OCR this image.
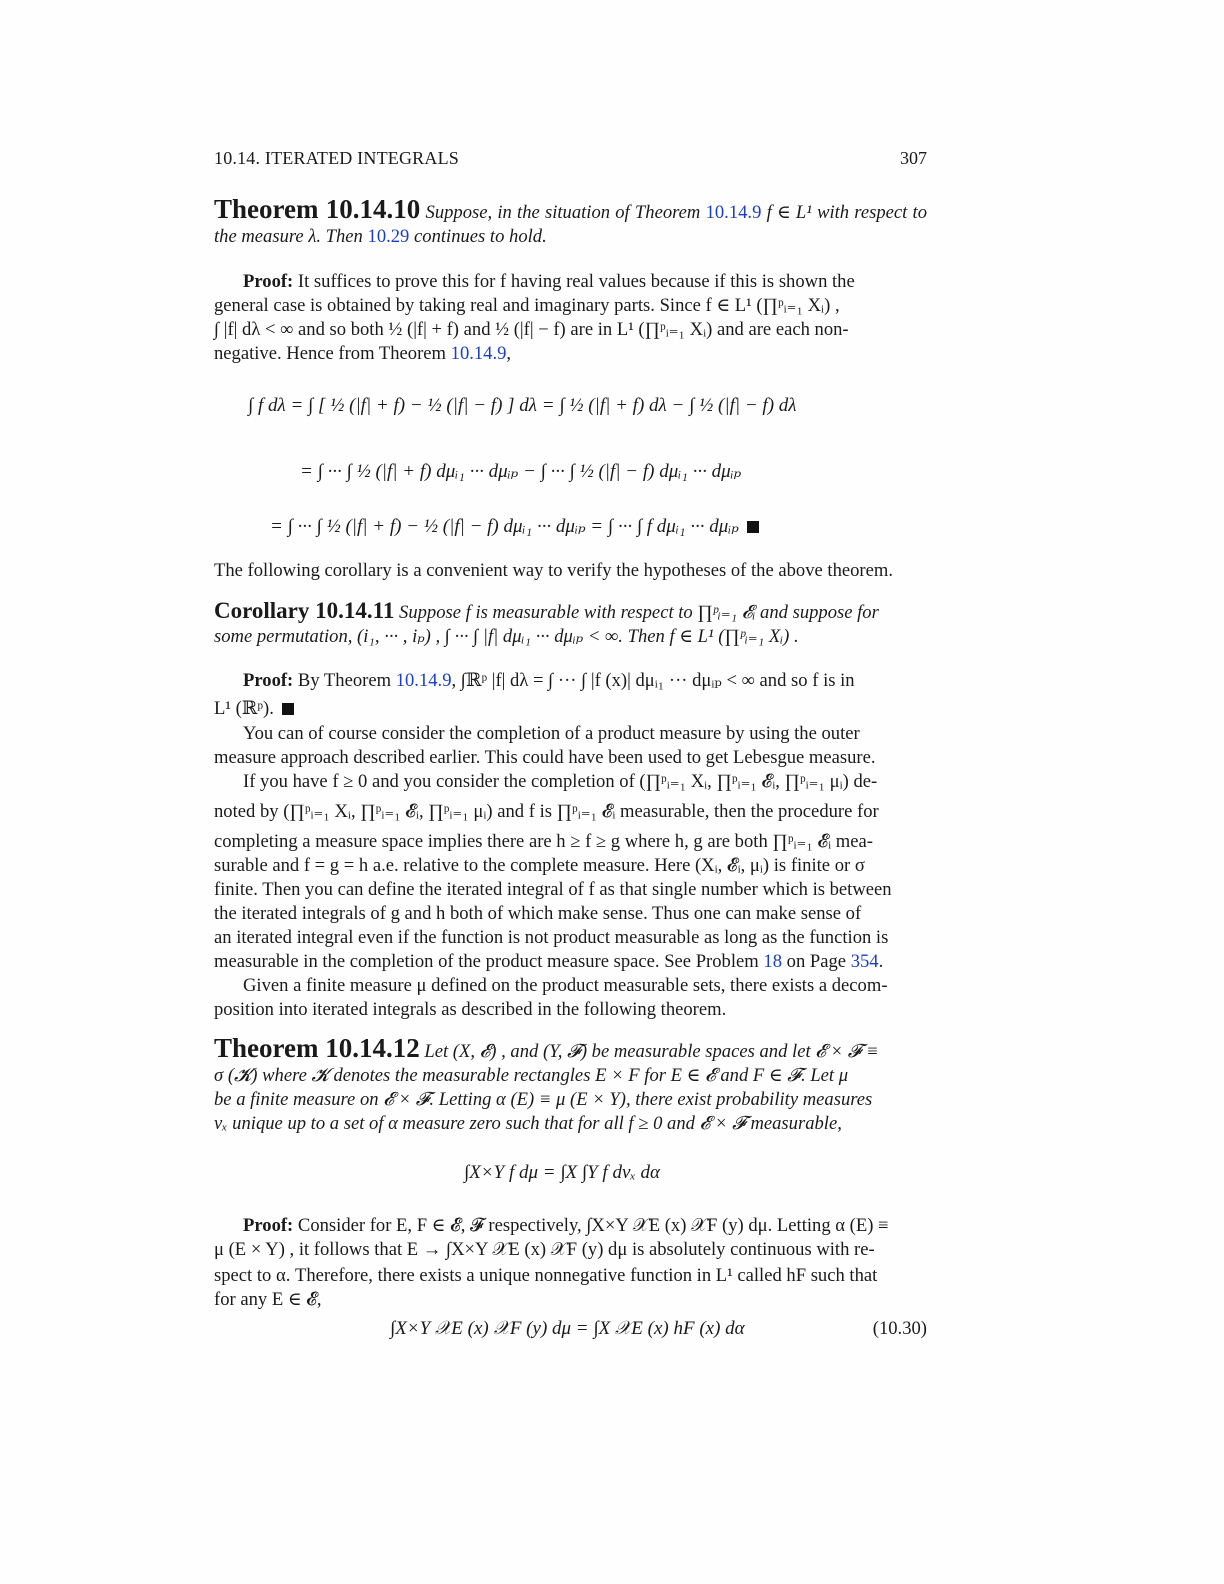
10.14. ITERATED INTEGRALS	307
Theorem 10.14.10 Suppose, in the situation of Theorem 10.14.9 f ∈ L¹ with respect to the measure λ. Then 10.29 continues to hold.
Proof: It suffices to prove this for f having real values because if this is shown the
general case is obtained by taking real and imaginary parts. Since f ∈ L¹ (∏ᵖᵢ₌₁ Xᵢ) ,
∫ |f| dλ < ∞ and so both ½ (|f| + f) and ½ (|f| − f) are in L¹ (∏ᵖᵢ₌₁ Xᵢ) and are each non-
negative. Hence from Theorem 10.14.9,
∫ f dλ = ∫ [ ½ (|f| + f) − ½ (|f| − f) ] dλ = ∫ ½ (|f| + f) dλ − ∫ ½ (|f| − f) dλ
= ∫ ··· ∫ ½ (|f| + f) dμᵢ₁ ··· dμᵢₚ − ∫ ··· ∫ ½ (|f| − f) dμᵢ₁ ··· dμᵢₚ
= ∫ ··· ∫ ½ (|f| + f) − ½ (|f| − f) dμᵢ₁ ··· dμᵢₚ = ∫ ··· ∫ f dμᵢ₁ ··· dμᵢₚ
The following corollary is a convenient way to verify the hypotheses of the above theorem.
Corollary 10.14.11 Suppose f is measurable with respect to ∏ᵖᵢ₌₁ 𝓔ᵢ and suppose for
some permutation, (i₁, ··· , iₚ) , ∫ ··· ∫ |f| dμᵢ₁ ··· dμᵢₚ < ∞. Then f ∈ L¹ (∏ᵖᵢ₌₁ Xᵢ) .
Proof: By Theorem 10.14.9, ∫ℝᵖ |f| dλ = ∫ ··· ∫ |f (x)| dμᵢ₁ ··· dμᵢₚ < ∞ and so f is in
L¹ (ℝᵖ).
You can of course consider the completion of a product measure by using the outer
measure approach described earlier. This could have been used to get Lebesgue measure.
If you have f ≥ 0 and you consider the completion of (∏ᵖᵢ₌₁ Xᵢ, ∏ᵖᵢ₌₁ 𝓔ᵢ, ∏ᵖᵢ₌₁ μᵢ) de-
noted by (∏ᵖᵢ₌₁ Xᵢ, ∏ᵖᵢ₌₁ 𝓔ᵢ, ∏ᵖᵢ₌₁ μᵢ) and f is ∏ᵖᵢ₌₁ 𝓔ᵢ measurable, then the procedure for
completing a measure space implies there are h ≥ f ≥ g where h, g are both ∏ᵖᵢ₌₁ 𝓔ᵢ mea-
surable and f = g = h a.e. relative to the complete measure. Here (Xᵢ, 𝓔ᵢ, μᵢ) is finite or σ
finite. Then you can define the iterated integral of f as that single number which is between
the iterated integrals of g and h both of which make sense. Thus one can make sense of
an iterated integral even if the function is not product measurable as long as the function is
measurable in the completion of the product measure space. See Problem 18 on Page 354.
Given a finite measure μ defined on the product measurable sets, there exists a decom-
position into iterated integrals as described in the following theorem.
Theorem 10.14.12 Let (X, 𝓔) , and (Y, 𝓕) be measurable spaces and let 𝓔 × 𝓕 ≡
σ (𝓚) where 𝓚 denotes the measurable rectangles E × F for E ∈ 𝓔 and F ∈ 𝓕. Let μ
be a finite measure on 𝓔 × 𝓕. Letting α (E) ≡ μ (E × Y), there exist probability measures
νₓ unique up to a set of α measure zero such that for all f ≥ 0 and 𝓔 × 𝓕 measurable,
∫X×Y f dμ = ∫X ∫Y f dνₓ dα
Proof: Consider for E, F ∈ 𝓔, 𝓕 respectively, ∫X×Y 𝒳E (x) 𝒳F (y) dμ. Letting α (E) ≡
μ (E × Y) , it follows that E → ∫X×Y 𝒳E (x) 𝒳F (y) dμ is absolutely continuous with re-
spect to α. Therefore, there exists a unique nonnegative function in L¹ called hF such that
for any E ∈ 𝓔,
∫X×Y 𝒳E (x) 𝒳F (y) dμ = ∫X 𝒳E (x) hF (x) dα	(10.30)
